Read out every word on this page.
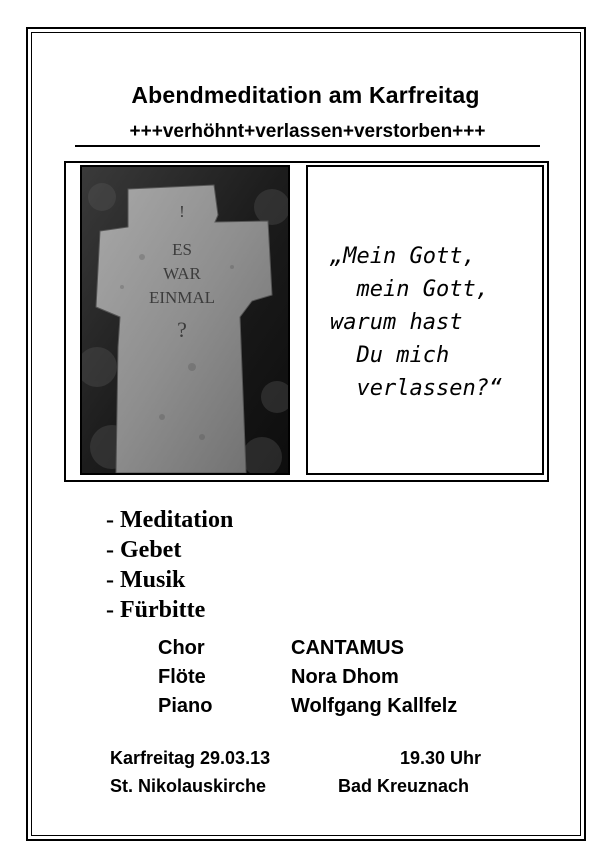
Abendmeditation am Karfreitag
+++verhöhnt+verlassen+verstorben+++
!
ES
WAR
EINMAL
?
„Mein Gott,
mein Gott,
warum hast
Du mich
verlassen?“
- Meditation
- Gebet
- Musik
- Fürbitte
Chor	CANTAMUS
Flöte	Nora Dhom
Piano	Wolfgang Kallfelz
Karfreitag 29.03.13	19.30 Uhr
St. Nikolauskirche	Bad Kreuznach
